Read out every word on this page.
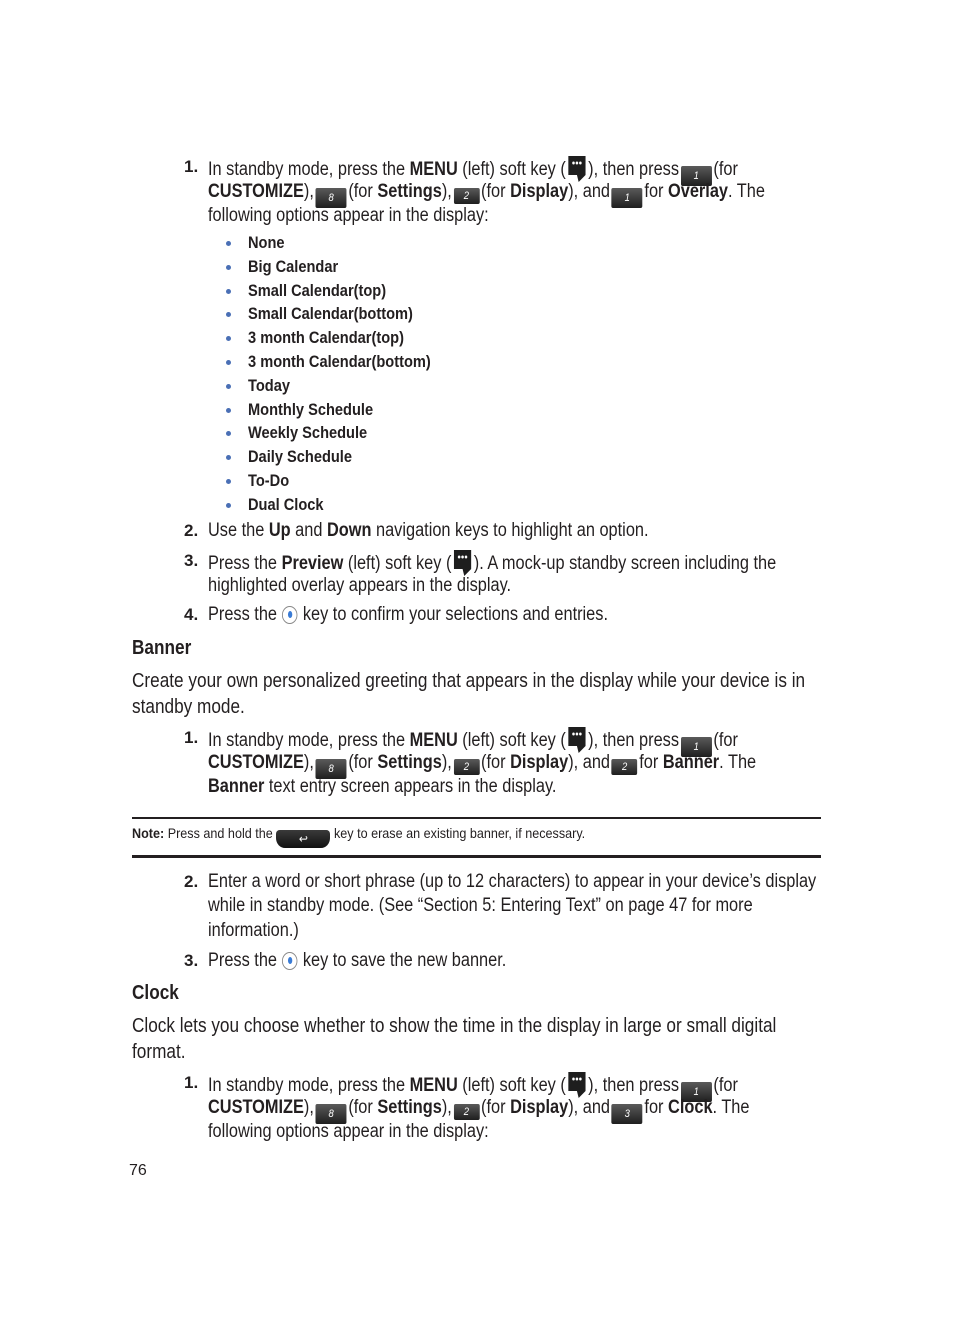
1. In standby mode, press the MENU (left) soft key ( ), then press 1 (for
CUSTOMIZE), 8 (for Settings), 2 (for Display), and 1 for Overlay. The
following options appear in the display:
None
Big Calendar
Small Calendar(top)
Small Calendar(bottom)
3 month Calendar(top)
3 month Calendar(bottom)
Today
Monthly Schedule
Weekly Schedule
Daily Schedule
To-Do
Dual Clock
2. Use the Up and Down navigation keys to highlight an option.
3. Press the Preview (left) soft key ( ). A mock-up standby screen including the
highlighted overlay appears in the display.
4. Press the key to confirm your selections and entries.
Banner
Create your own personalized greeting that appears in the display while your device is in
standby mode.
1. In standby mode, press the MENU (left) soft key ( ), then press 1 (for
CUSTOMIZE), 8 (for Settings), 2 (for Display), and 2 for Banner. The
Banner text entry screen appears in the display.
Note: Press and hold the ↩ key to erase an existing banner, if necessary.
2. Enter a word or short phrase (up to 12 characters) to appear in your device’s display
while in standby mode. (See “Section 5: Entering Text” on page 47 for more
information.)
3. Press the key to save the new banner.
Clock
Clock lets you choose whether to show the time in the display in large or small digital
format.
1. In standby mode, press the MENU (left) soft key ( ), then press 1 (for
CUSTOMIZE), 8 (for Settings), 2 (for Display), and 3 for Clock. The
following options appear in the display:
76
